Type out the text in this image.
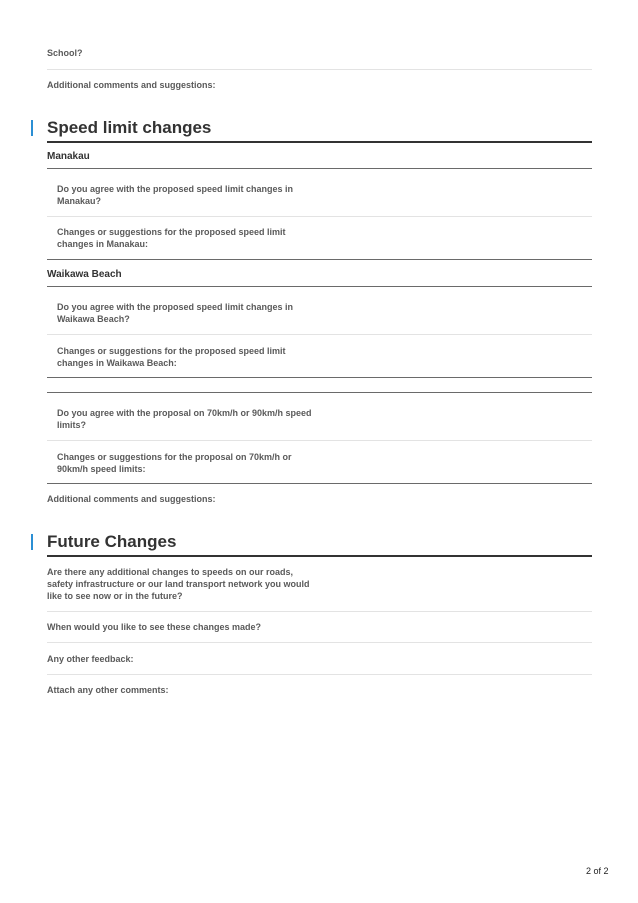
School?

Additional comments and suggestions:

Speed limit changes
Manakau

Do you agree with the proposed speed limit changes in
Manakau?

Changes or suggestions for the proposed speed limit
changes in Manakau:

Waikawa Beach

Do you agree with the proposed speed limit changes in
Waikawa Beach?

Changes or suggestions for the proposed speed limit
changes in Waikawa Beach:

Do you agree with the proposal on 70km/h or 90km/h speed
limits?

Changes or suggestions for the proposal on 70km/h or
90km/h speed limits:

Additional comments and suggestions:

Future Changes

Are there any additional changes to speeds on our roads,
safety infrastructure or our land transport network you would
like to see now or in the future?

When would you like to see these changes made?

Any other feedback:

Attach any other comments:

2 of 2
